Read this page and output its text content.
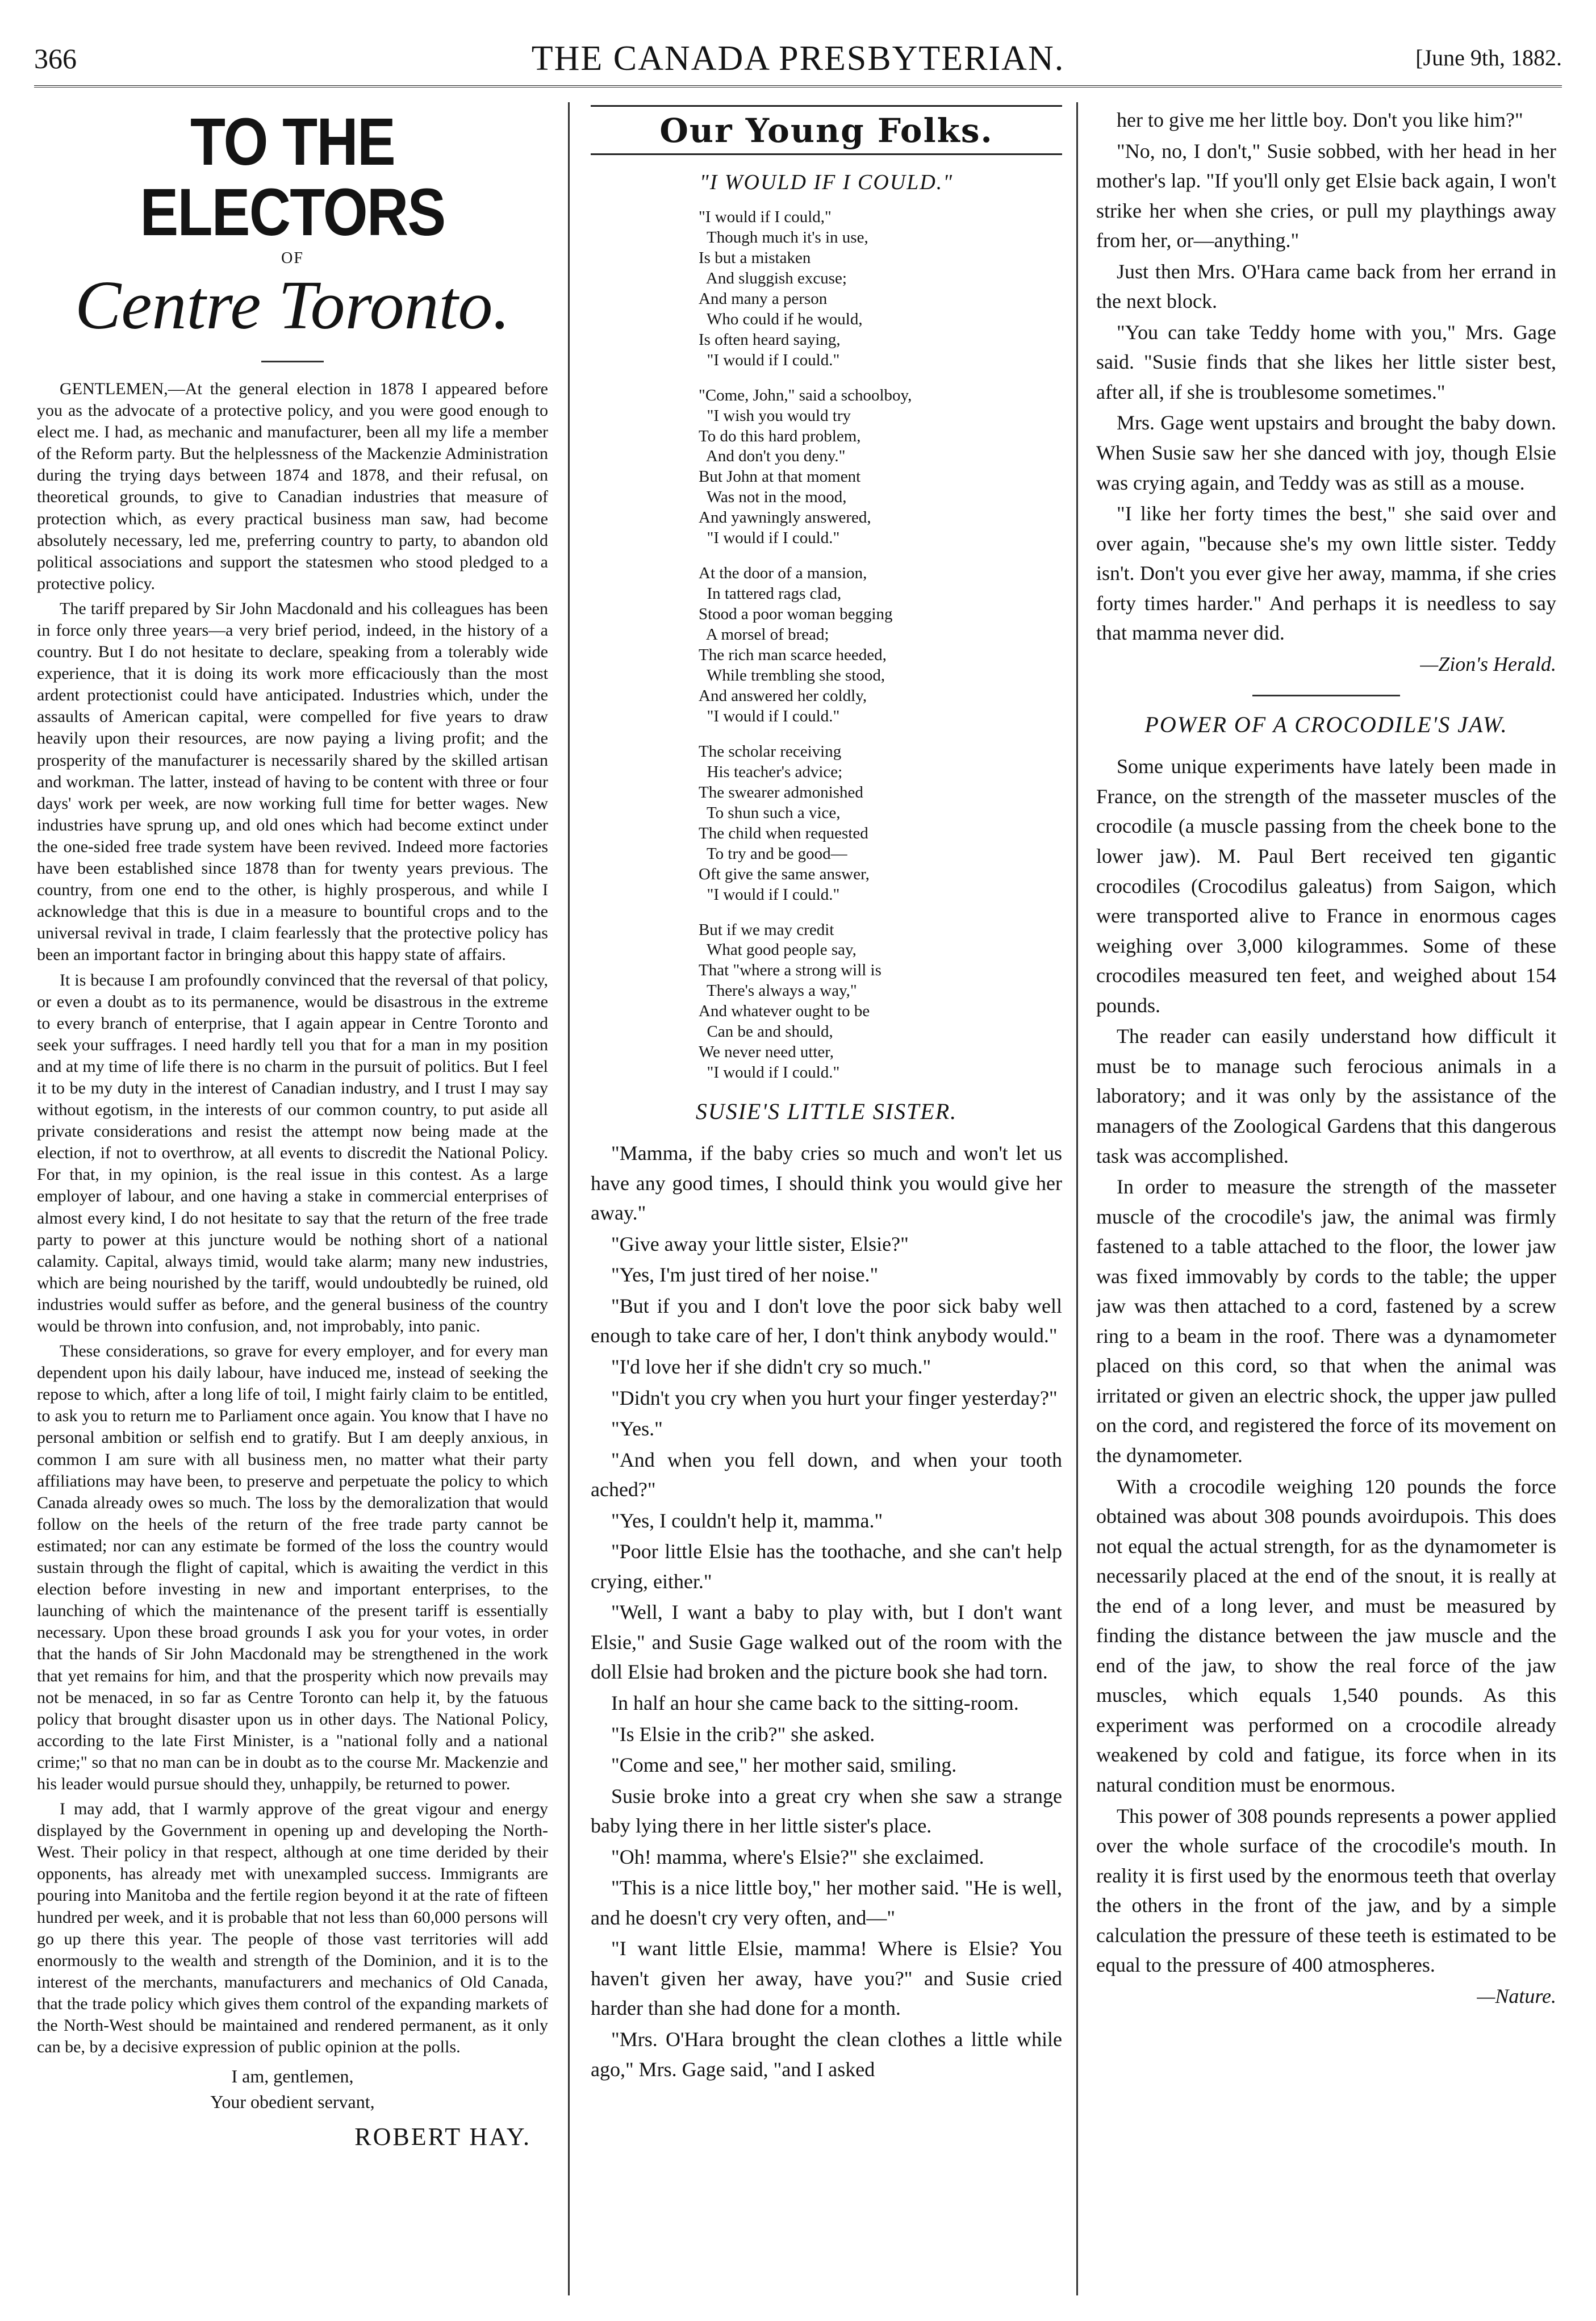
366	THE CANADA PRESBYTERIAN.	[June 9th, 1882.
TO THE ELECTORS
OF
Centre Toronto.

GENTLEMEN,—At the general election in 1878 I appeared before you as the advocate of a protective policy, and you were good enough to elect me. I had, as mechanic and manufacturer, been all my life a member of the Reform party. But the helplessness of the Mackenzie Administration during the trying days between 1874 and 1878, and their refusal, on theoretical grounds, to give to Canadian industries that measure of protection which, as every practical business man saw, had become absolutely necessary, led me, preferring country to party, to abandon old political associations and support the statesmen who stood pledged to a protective policy.

The tariff prepared by Sir John Macdonald and his colleagues has been in force only three years—a very brief period, indeed, in the history of a country. But I do not hesitate to declare, speaking from a tolerably wide experience, that it is doing its work more efficaciously than the most ardent protectionist could have anticipated. Industries which, under the assaults of American capital, were compelled for five years to draw heavily upon their resources, are now paying a living profit; and the prosperity of the manufacturer is necessarily shared by the skilled artisan and workman. The latter, instead of having to be content with three or four days' work per week, are now working full time for better wages. New industries have sprung up, and old ones which had become extinct under the one-sided free trade system have been revived. Indeed more factories have been established since 1878 than for twenty years previous. The country, from one end to the other, is highly prosperous, and while I acknowledge that this is due in a measure to bountiful crops and to the universal revival in trade, I claim fearlessly that the protective policy has been an important factor in bringing about this happy state of affairs.

It is because I am profoundly convinced that the reversal of that policy, or even a doubt as to its permanence, would be disastrous in the extreme to every branch of enterprise, that I again appear in Centre Toronto and seek your suffrages. I need hardly tell you that for a man in my position and at my time of life there is no charm in the pursuit of politics. But I feel it to be my duty in the interest of Canadian industry, and I trust I may say without egotism, in the interests of our common country, to put aside all private considerations and resist the attempt now being made at the election, if not to overthrow, at all events to discredit the National Policy. For that, in my opinion, is the real issue in this contest. As a large employer of labour, and one having a stake in commercial enterprises of almost every kind, I do not hesitate to say that the return of the free trade party to power at this juncture would be nothing short of a national calamity. Capital, always timid, would take alarm; many new industries, which are being nourished by the tariff, would undoubtedly be ruined, old industries would suffer as before, and the general business of the country would be thrown into confusion, and, not improbably, into panic.

These considerations, so grave for every employer, and for every man dependent upon his daily labour, have induced me, instead of seeking the repose to which, after a long life of toil, I might fairly claim to be entitled, to ask you to return me to Parliament once again. You know that I have no personal ambition or selfish end to gratify. But I am deeply anxious, in common I am sure with all business men, no matter what their party affiliations may have been, to preserve and perpetuate the policy to which Canada already owes so much. The loss by the demoralization that would follow on the heels of the return of the free trade party cannot be estimated; nor can any estimate be formed of the loss the country would sustain through the flight of capital, which is awaiting the verdict in this election before investing in new and important enterprises, to the launching of which the maintenance of the present tariff is essentially necessary. Upon these broad grounds I ask you for your votes, in order that the hands of Sir John Macdonald may be strengthened in the work that yet remains for him, and that the prosperity which now prevails may not be menaced, in so far as Centre Toronto can help it, by the fatuous policy that brought disaster upon us in other days. The National Policy, according to the late First Minister, is a "national folly and a national crime;" so that no man can be in doubt as to the course Mr. Mackenzie and his leader would pursue should they, unhappily, be returned to power.

I may add, that I warmly approve of the great vigour and energy displayed by the Government in opening up and developing the North-West. Their policy in that respect, although at one time derided by their opponents, has already met with unexampled success. Immigrants are pouring into Manitoba and the fertile region beyond it at the rate of fifteen hundred per week, and it is probable that not less than 60,000 persons will go up there this year. The people of those vast territories will add enormously to the wealth and strength of the Dominion, and it is to the interest of the merchants, manufacturers and mechanics of Old Canada, that the trade policy which gives them control of the expanding markets of the North-West should be maintained and rendered permanent, as it only can be, by a decisive expression of public opinion at the polls.

I am, gentlemen,
Your obedient servant,
ROBERT HAY.
Our Young Folks.
"I WOULD IF I COULD."
"I would if I could,"
Though much it's in use,
Is but a mistaken
And sluggish excuse;
And many a person
Who could if he would,
Is often heard saying,
"I would if I could."
"Come, John," said a schoolboy,
"I wish you would try
To do this hard problem,
And don't you deny."
But John at that moment
Was not in the mood,
And yawningly answered,
"I would if I could."
At the door of a mansion,
In tattered rags clad,
Stood a poor woman begging
A morsel of bread;
The rich man scarce heeded,
While trembling she stood,
And answered her coldly,
"I would if I could."
The scholar receiving
His teacher's advice;
The swearer admonished
To shun such a vice,
The child when requested
To try and be good—
Oft give the same answer,
"I would if I could."
But if we may credit
What good people say,
That "where a strong will is
There's always a way,"
And whatever ought to be
Can be and should,
We never need utter,
"I would if I could."
SUSIE'S LITTLE SISTER.

"Mamma, if the baby cries so much and won't let us have any good times, I should think you would give her away."

"Give away your little sister, Elsie?"

"Yes, I'm just tired of her noise."

"But if you and I don't love the poor sick baby well enough to take care of her, I don't think anybody would."

"I'd love her if she didn't cry so much."

"Didn't you cry when you hurt your finger yesterday?"

"Yes."

"And when you fell down, and when your tooth ached?"

"Yes, I couldn't help it, mamma."

"Poor little Elsie has the toothache, and she can't help crying, either."

"Well, I want a baby to play with, but I don't want Elsie," and Susie Gage walked out of the room with the doll Elsie had broken and the picture book she had torn.

In half an hour she came back to the sitting-room.

"Is Elsie in the crib?" she asked.

"Come and see," her mother said, smiling.

Susie broke into a great cry when she saw a strange baby lying there in her little sister's place.

"Oh! mamma, where's Elsie?" she exclaimed.

"This is a nice little boy," her mother said. "He is well, and he doesn't cry very often, and—"

"I want little Elsie, mamma! Where is Elsie? You haven't given her away, have you?" and Susie cried harder than she had done for a month.

"Mrs. O'Hara brought the clean clothes a little while ago," Mrs. Gage said, "and I asked

her to give me her little boy. Don't you like him?"

"No, no, I don't," Susie sobbed, with her head in her mother's lap. "If you'll only get Elsie back again, I won't strike her when she cries, or pull my playthings away from her, or—anything."

Just then Mrs. O'Hara came back from her errand in the next block.

"You can take Teddy home with you," Mrs. Gage said. "Susie finds that she likes her little sister best, after all, if she is troublesome sometimes."

Mrs. Gage went upstairs and brought the baby down. When Susie saw her she danced with joy, though Elsie was crying again, and Teddy was as still as a mouse.

"I like her forty times the best," she said over and over again, "because she's my own little sister. Teddy isn't. Don't you ever give her away, mamma, if she cries forty times harder." And perhaps it is needless to say that mamma never did.

—Zion's Herald.

POWER OF A CROCODILE'S JAW.

Some unique experiments have lately been made in France, on the strength of the masseter muscles of the crocodile (a muscle passing from the cheek bone to the lower jaw). M. Paul Bert received ten gigantic crocodiles (Crocodilus galeatus) from Saigon, which were transported alive to France in enormous cages weighing over 3,000 kilogrammes. Some of these crocodiles measured ten feet, and weighed about 154 pounds.

The reader can easily understand how difficult it must be to manage such ferocious animals in a laboratory; and it was only by the assistance of the managers of the Zoological Gardens that this dangerous task was accomplished.

In order to measure the strength of the masseter muscle of the crocodile's jaw, the animal was firmly fastened to a table attached to the floor, the lower jaw was fixed immovably by cords to the table; the upper jaw was then attached to a cord, fastened by a screw ring to a beam in the roof. There was a dynamometer placed on this cord, so that when the animal was irritated or given an electric shock, the upper jaw pulled on the cord, and registered the force of its movement on the dynamometer.

With a crocodile weighing 120 pounds the force obtained was about 308 pounds avoirdupois. This does not equal the actual strength, for as the dynamometer is necessarily placed at the end of the snout, it is really at the end of a long lever, and must be measured by finding the distance between the jaw muscle and the end of the jaw, to show the real force of the jaw muscles, which equals 1,540 pounds. As this experiment was performed on a crocodile already weakened by cold and fatigue, its force when in its natural condition must be enormous.

This power of 308 pounds represents a power applied over the whole surface of the crocodile's mouth. In reality it is first used by the enormous teeth that overlay the others in the front of the jaw, and by a simple calculation the pressure of these teeth is estimated to be equal to the pressure of 400 atmospheres.

—Nature.
